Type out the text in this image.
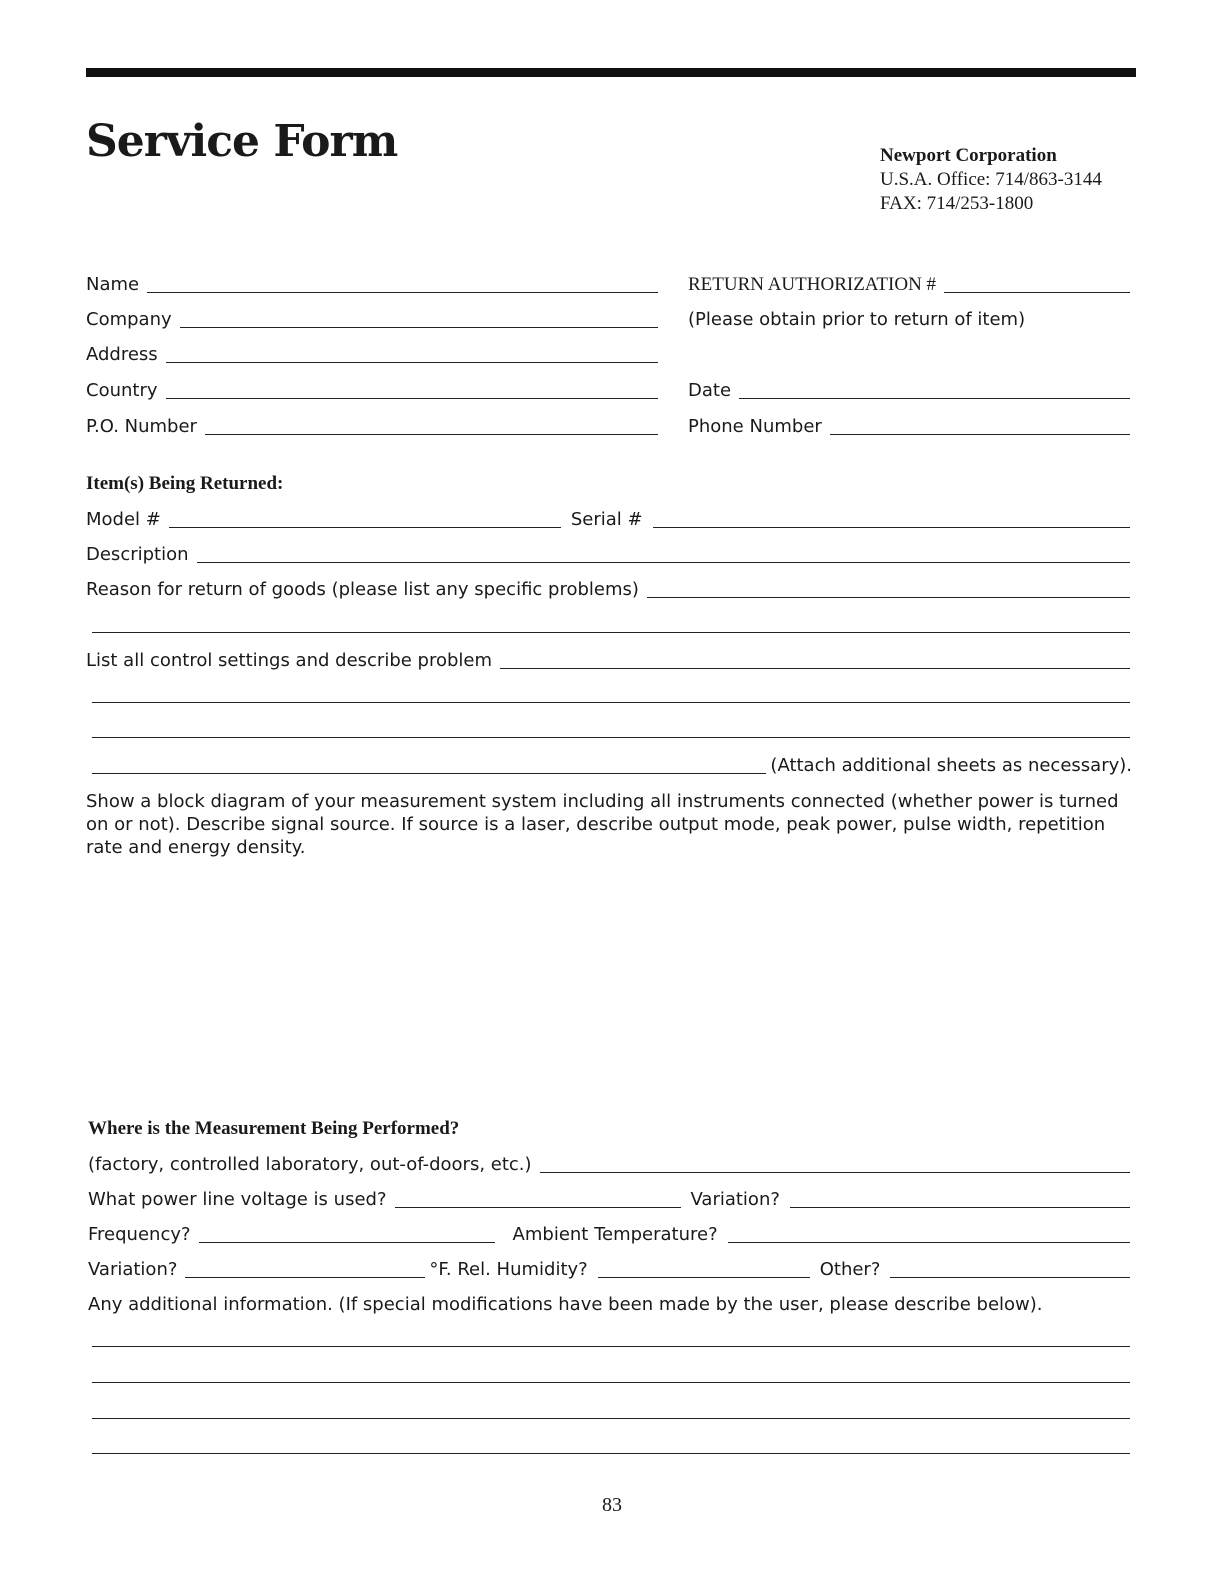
Service Form	Newport Corporation
U.S.A. Office: 714/863-3144
FAX: 714/253-1800
Name
Company
Address
Country
P.O. Number
RETURN AUTHORIZATION #
(Please obtain prior to return of item)
Date
Phone Number
Item(s) Being Returned:
Model #	Serial #
Description
Reason for return of goods (please list any specific problems)
List all control settings and describe problem
(Attach additional sheets as necessary).

Show a block diagram of your measurement system including all instruments connected (whether power is turned on or not). Describe signal source. If source is a laser, describe output mode, peak power, pulse width, repetition rate and energy density.

Where is the Measurement Being Performed?
(factory, controlled laboratory, out-of-doors, etc.)
What power line voltage is used?	Variation?
Frequency?	Ambient Temperature?
Variation?	°F. Rel. Humidity?	Other?
Any additional information. (If special modifications have been made by the user, please describe below).
83
